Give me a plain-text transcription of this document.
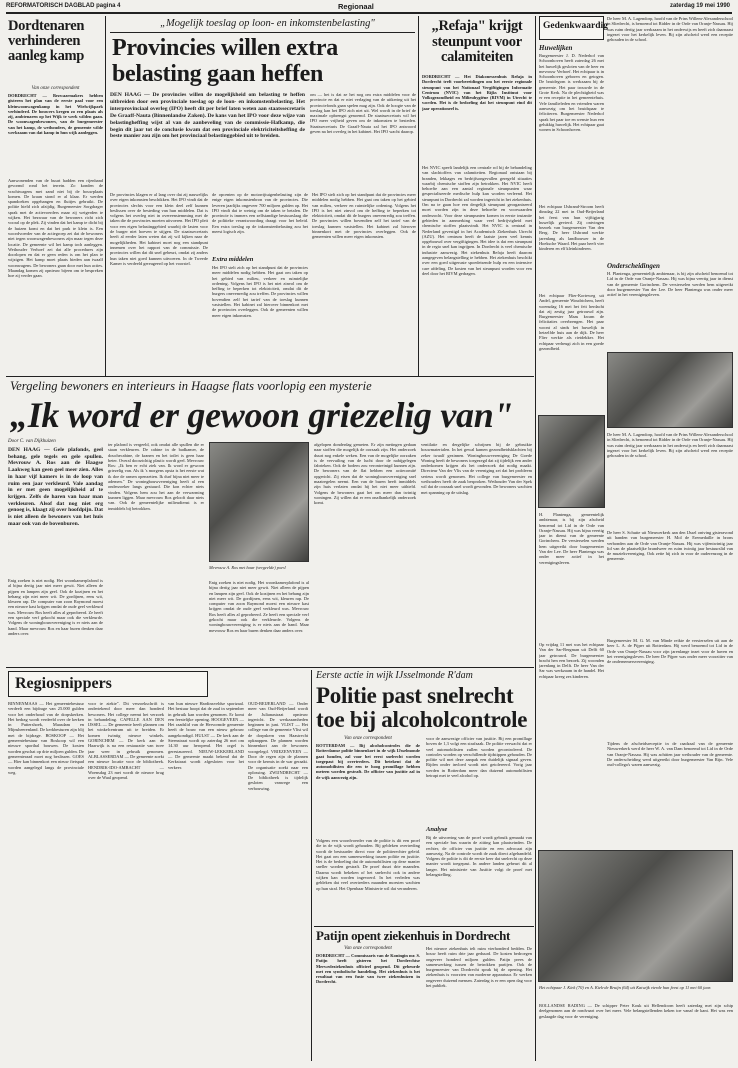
REFORMATORISCH DAGBLAD pagina 4	Regionaal	zaterdag 19 mei 1990
Dordtenaren verhinderen aanleg kamp
Van onze correspondent
DORDRECHT — Bezwaarmakers hebben gisteren het plan van de eerste paal voor een kleinwoonwagenkamp in het Wielwijkpark verhinderd. De bouwers kregen zo een plaats als zij, ambtenaren op het Wijk te werk wilden gaan. De woonwagenbewoners, van de burgemeester van het kamp, de wethouders, de gemeente wilde werkzaam van dat kamp in hun wijk aanleggen.
Aanwonenden van de buurt hadden een rijenband gevormd rond het terrein. Zo konden de vrachtwagens met zand niet bij de bouwplaats komen. De kraan stond er al klaar. Er werden spandoeken opgehangen en fluitjes gebruikt. De politie hield zich afzijdig. Burgemeester Sorgdrager sprak met de actievoerders maar zij weigerden te wijken. Het bezwaar van de bewoners richt zich vooral op de plek. Zij vinden dat het kamp te dicht bij de huizen komt en dat het park te klein is. Een woordvoerder van de actiegroep zei dat de bewoners niet tegen woonwagenbewoners zijn maar tegen deze locatie. De gemeente wil het kamp toch aanleggen. Wethouder Verhoef zei dat alle procedures zijn doorlopen en dat er geen reden is om het plan te wijzigen. Het kamp moet plaats bieden aan twaalf woonwagens. De bewoners gaan door met hun acties. Maandag komen zij opnieuw bijeen om te bespreken hoe zij verder gaan.
„Mogelijk toeslag op loon- en inkomstenbelasting"
Provincies willen extra belasting gaan heffen
DEN HAAG — De provincies willen de mogelijkheid om belasting te heffen uitbreiden door een provinciale toeslag op de loon- en inkomstenbelasting. Het interprovinciaal overleg (IPO) heeft dit per brief laten weten aan staatssecretaris De Graaff-Nauta (Binnenlandse Zaken). De kans van het IPO voor deze wijze van belastingheffing wijst al van de aanbeveling van de commissie-Hafkamp, die begin dit jaar tot de conclusie kwam dat een provinciale elektriciteitsheffing de beste manier zou zijn om het provinciaal belastinggebied uit te breiden.
om — het is dat ze het nog om extra middelen voor de provincie en dat er niet verlaging van de uitkering uit het provinciefonds gaan spelen mag zijn. Ook de hoogte van de toeslag kan het IPO zich niet uit. Wel wordt in de brief de maximale opbrengst genoemd. De staatssecretaris wil het IPO meer vrijheid geven om de inkomsten te besteden. Staatssecretaris De Graaff-Nauta zal het IPO antwoord geven na het overleg in het kabinet. Het IPO wacht daarop.
De provincies klagen er al lang over dat zij nauwelijks over eigen inkomsten beschikken. Het IPO vindt dat de provincies slechts voor een klein deel zelf kunnen beslissen over de besteding van hun middelen. Dat is volgens het overleg niet in overeenstemming met de taken die de provincies moeten uitvoeren. Het IPO pleit voor een eigen belastinggebied waarbij de lasten voor de burger niet hoeven te stijgen. De staatssecretaris heeft al eerder laten weten dat zij wil kijken naar de mogelijkheden. Het kabinet moet nog een standpunt innemen over het rapport van de commissie. De provincies willen dat dit snel gebeurt, omdat zij anders hun taken niet goed kunnen uitvoeren. In de Tweede Kamer is verdeeld gereageerd op het voorstel.
de opcenten op de motorrijtuigenbelasting zijn de enige eigen inkomstenbron van de provincies. Die leveren jaarlijks ongeveer 700 miljoen gulden op. Het IPO vindt dat te weinig om de taken te betalen. De provincie is immers een zelfstandige bestuurslaag die de politieke verantwoording draagt voor het beleid. Een extra toeslag op de inkomstenbelasting zou het meest logisch zijn.
Extra middelen
Het IPO stelt zich op het standpunt dat de provincies meer middelen nodig hebben. Het gaat om taken op het gebied van milieu, verkeer en ruimtelijke ordening. Volgens het IPO is het niet zinvol om de heffing te beperken tot elektriciteit, omdat dit de burgers onevenredig zou treffen. De provincies willen bovendien zelf het tarief van de toeslag kunnen vaststellen. Het kabinet zal hierover binnenkort met de provincies overleggen. Ook de gemeenten willen meer eigen inkomsten.
Het IPO stelt zich op het standpunt dat de provincies meer middelen nodig hebben. Het gaat om taken op het gebied van milieu, verkeer en ruimtelijke ordening. Volgens het IPO is het niet zinvol om de heffing te beperken tot elektriciteit, omdat dit de burgers onevenredig zou treffen. De provincies willen bovendien zelf het tarief van de toeslag kunnen vaststellen. Het kabinet zal hierover binnenkort met de provincies overleggen. Ook de gemeenten willen meer eigen inkomsten.
„Refaja" krijgt steunpunt voor calamiteiten
DORDRECHT — Het Diakonessenhuis Refaja in Dordrecht treft voorbereidingen om het eerste regionale steunpunt van het Nationaal Vergiftigingen Informatie Centrum (NVIC) van het Rijks Instituut voor Volksgezondheid en Milieuhygiëne (RIVM) in Utrecht te worden. Het is de bedoeling dat het steunpunt eind dit jaar operationeel is.
Het NVIC speelt landelijk een centrale rol bij de behandeling van slachtoffers van calamiteiten. Regionaal ontstaan bij branden, lekkages en bedrijfsongevallen geregeld situaties waarbij chemische stoffen zijn betrokken. Het NVIC heeft behoefte aan een aantal regionale steunpunten waar gespecialiseerde medische hulp kan worden verleend. Het steunpunt in Dordrecht zal worden ingericht in het ziekenhuis. Om na te gaan hoe een dergelijk steunpunt georganiseerd moet worden zijn in deze behoefte en voorwaarden onderzocht. Voor deze steunpunten komen in eerste instantie gebieden in aanmerking waar veel bedrijvigheid met chemische stoffen plaatsvindt. Het NVIC is centraal in Nederland gevestigd in het Academisch Ziekenhuis Utrecht (AZU). Het centrum heeft de laatste jaren veel kennis opgebouwd over vergiftigingen. Het idee is dat een steunpunt in de regio snel kan ingrijpen. In Dordrecht is veel chemische industrie aanwezig. Het ziekenhuis Refaja heeft daarom aangegeven belangstelling te hebben. Het ziekenhuis beschikt over een goed uitgeruste spoedeisende hulp en een intensive care afdeling. De kosten van het steunpunt worden voor een deel door het RIVM gedragen.
Gedenkwaardig
Huwelijken
Burgemeester J. D. Nederhof van Schoonhoven heeft zaterdag 26 mei het huwelijk gesloten van de heer en mevrouw Verhoef. Het echtpaar is in Schoonhoven geboren en getogen. De bruidegom is werkzaam bij de gemeente. Het paar trouwde in de Grote Kerk. Na de plechtigheid was er een receptie in het gemeentehuis. Vele familieleden en vrienden waren aanwezig om het bruidspaar te feliciteren. Burgemeester Nederhof sprak het paar toe en wenste hun een gelukkig huwelijk. Het echtpaar gaat wonen in Schoonhoven.
Het echtpaar IJsbrand-Stroom heeft dinsdag 22 mei in Oud-Beijerland het feest van hun vijftigjarig huwelijk gevierd. Zij ontvingen bezoek van burgemeester Van den Berg. De heer IJsbrand werkte jarenlang als landbouwer in de Hoeksche Waard. Het paar heeft vier kinderen en elf kleinkinderen.
Het echtpaar Flier-Korteweg uit Andel, gemeente Woudrichem, heeft woensdag 16 mei het feit herdacht dat zij zestig jaar getrouwd zijn. Burgemeester Maas kwam de felicitaties overbrengen. Het paar woont al sinds het huwelijk in hetzelfde huis aan de dijk. De heer Flier werkte als rietdekker. Het echtpaar verheugt zich in een goede gezondheid.
H. Plantenga, gemeentelijk ambtenaar, is bij zijn afscheid benoemd tot Lid in de Orde van Oranje-Nassau. Hij was bijna veertig jaar in dienst van de gemeente Gorinchem. De versierselen werden hem uitgereikt door burgemeester Van der Lee. De heer Plantenga was onder meer actief in het verenigingsleven.
Op vrijdag 11 mei was het echtpaar Van der Sar-Bergman uit Delft 60 jaar getrouwd. De burgemeester bracht hen een bezoek. Zij woonden jarenlang in Delft. De heer Van der Sar was werkzaam in de handel. Het echtpaar kreeg zes kinderen.
Het echtpaar J. Kiek (70) en A. Kiek-de Bruijn (64) uit Katwijk vierde hun feest op 11 mei 60 jaar.
BOLLANDSE RADING — De schipper Peter Kouk uit Hellendoorn heeft zaterdag met zijn schip deelgenomen aan de rondvaart over het meer. Vele belangstellenden keken toe vanaf de kant. Het was een geslaagde dag voor de vereniging.
De heer M. A. Lagendorp, hoofd van de Prins Willem-Alexanderschool in Sliedrecht, is benoemd tot Ridder in de Orde van Oranje-Nassau. Hij was ruim dertig jaar werkzaam in het onderwijs en heeft zich daarnaast ingezet voor het kerkelijk leven. Bij zijn afscheid werd een receptie gehouden in de school.
Onderscheidingen
H. Plantenga, gemeentelijk ambtenaar, is bij zijn afscheid benoemd tot Lid in de Orde van Oranje-Nassau. Hij was bijna veertig jaar in dienst van de gemeente Gorinchem. De versierselen werden hem uitgereikt door burgemeester Van der Lee. De heer Plantenga was onder meer actief in het verenigingsleven.
De heer M. A. Lagendorp, hoofd van de Prins Willem-Alexanderschool in Sliedrecht, is benoemd tot Ridder in de Orde van Oranje-Nassau. Hij was ruim dertig jaar werkzaam in het onderwijs en heeft zich daarnaast ingezet voor het kerkelijk leven. Bij zijn afscheid werd een receptie gehouden in de school.
De heer S. Schutte uit Nieuwerkerk aan den IJssel ontving gisteravond uit handen van burgemeester H. Mol de Eremedaille in brons verbonden aan de Orde van Oranje-Nassau. Hij was vijfentwintig jaar lid van de plaatselijke brandweer en ruim twintig jaar bestuurslid van de muziekvereniging. Ook zette hij zich in voor de ouderenzorg in de gemeente.
Burgemeester M. G. M. van Minde reikte de versierselen uit aan de heer L. A. de Pijper uit Rotterdam. Hij werd benoemd tot Lid in de Orde van Oranje-Nassau voor zijn jarenlange inzet voor de haven en het verenigingsleven. De heer De Pijper was onder meer voorzitter van de ondernemersvereniging.
Tijdens de afscheidsreceptie in de raadzaal van de gemeente Nieuwerkerk werd de heer W. A. van Dam benoemd tot Lid in de Orde van Oranje-Nassau. Hij was achttien jaar wethouder van de gemeente. De onderscheiding werd uitgereikt door burgemeester Van Rijn. Vele oud-collega's waren aanwezig.
Vergeling bewoners en interieurs in Haagse flats voorlopig een mysterie
„Ik word er gewoon griezelig van"
Door C. van Dijkhuizen
DEN HAAG — Gele plafonds, geel behang, gele tegels en gele spullen. Mevrouw A. Ros aan de Haagse Laakweg kan geen geel meer zien. Alles in haar vijf kamers is in de loop van ruim een jaar verkleurd. Vale aandag in er met geen mogelijkheid af te krijgen. Zelfs de haren van haar man verkleuren. Alsof dat nog niet erg genoeg is, klaagt zij over hoofdpijn. Dat is niet alleen de bewoners van het huis maar ook van de bovenburen.
Enig zoeken is niet nodig. Het woonkamerplafond is al bijna dertig jaar niet meer gewit. Niet alleen de pijpen en lampen zijn geel. Ook de kozijnen en het behang zijn niet meer wit. De gordijnen, eens wit, kleuren rap. De computer van zoon Raymond moest een nieuwe kast krijgen omdat de oude geel verkleurd was. Mevrouw Ros heeft alles al geprobeerd. Ze heeft een speciale verf gekocht maar ook die verkleurde. Volgens de woningbouwvereniging is er niets aan de hand. Maar mevrouw Ros en haar buren denken daar anders over.
ter plafond is vergeeld, ook omdat alle spullen die er staan verkleuren. De cabine in de badkamer, de douchecabine, de kranen en het toilet is geen haar beter. Overal doorzichtig plastic wordt geel. Mevrouw Ros: „Ik ben er echt ziek van. Ik word er gewoon griezelig van. Als ik 's morgens opsta is het eerste wat ik doe de ramen openzetten. Ik durf bijna niet meer te ademen." De woningbouwvereniging heeft al een onderzoeker langs gestuurd. Die kon echter niets vinden. Volgens hem zou het aan de verwarming kunnen liggen. Maar mevrouw Ros gelooft daar niets van. Ook de gemeentelijke milieudienst is er inmiddels bij betrokken.
Mevrouw A. Ros met haar (vergeelde) poes!
Enig zoeken is niet nodig. Het woonkamerplafond is al bijna dertig jaar niet meer gewit. Niet alleen de pijpen en lampen zijn geel. Ook de kozijnen en het behang zijn niet meer wit. De gordijnen, eens wit, kleuren rap. De computer van zoon Raymond moest een nieuwe kast krijgen omdat de oude geel verkleurd was. Mevrouw Ros heeft alles al geprobeerd. Ze heeft een speciale verf gekocht maar ook die verkleurde. Volgens de woningbouwvereniging is er niets aan de hand. Maar mevrouw Ros en haar buren denken daar anders over.
afgelopen donderdag gemeten. Er zijn metingen gedaan naar stoffen die mogelijk de oorzaak zijn. Het onderzoek duurt nog enkele weken. Een van de mogelijke oorzaken is de vervuiling van de lucht door de nabijgelegen fabrieken. Ook de bodem zou verontreinigd kunnen zijn. De bewoners van de flat hebben een actiecomité opgericht. Zij eisen dat de woningbouwvereniging snel maatregelen neemt. Een van de buren heeft inmiddels zijn huis verlaten omdat hij het niet meer uithield. Volgens de bewoners gaat het om meer dan twintig woningen. Zij willen dat er een onafhankelijk onderzoek komt.
ventilatie en dergelijke schrijnen bij de gebruikte bouwmaterialen. In het gewal kamen gezondheidsklachten bij zeker twaalf gezinnen. Woningbouwvereniging De Goede Woning heeft de bewoners toegezegd dat zij tijdelijk een ander onderkomen krijgen als het onderzoek dat nodig maakt. Directeur Van der Vlis van de vereniging zei dat het probleem serieus wordt genomen. Het college van burgemeester en wethouders heeft de zaak besproken. Wethouder Van der Spek wil dat de oorzaak snel wordt gevonden. De bewoners wachten met spanning op de uitslag.
Regiosnippers
BINNENMAAS — Het gemeentebestuur verdeelt een bijdrage van 25.000 gulden voor het onderhoud van de dorpskerken. Het bedrag wordt verdeeld over de kerken in Puttershoek, Maasdam en Mijnsheerenland. De kerkbesturen zijn blij met de bijdrage. BOSKOOP — Het gemeentebestuur van Boskoop wil een nieuwe sporthal bouwen. De kosten worden geschat op drie miljoen gulden. De gemeenteraad moet nog beslissen. GOES — Hier kan binnenkort een nieuw fietspad worden aangelegd langs de provinciale weg.
voor te ziekte". Dit verzoekschrift is ondertekend door meer dan honderd bewoners. Het college neemt het verzoek in behandeling. CAPELLE AAN DEN IJSSEL — De gemeente heeft plannen om het winkelcentrum uit te breiden. Er komen twintig nieuwe winkels. GORINCHEM — De kerk aan de Haarwijk is na een restauratie van twee jaar weer in gebruik genomen. ALBLASSERDAM — De gemeente zoekt een nieuwe locatie voor de bibliotheek. HENDRIK-IDO-AMBACHT — Woensdag 23 mei wordt de nieuwe brug over de Waal geopend.
van hun nieuwe Hardinxveldse sportzaal. Het bestuur hoopt dat de zaal in september in gebruik kan worden genomen. Er komt een feestelijke opening. HOOGEVEEN — Het raadslid van de Hervormde gemeente heeft de bouw van een nieuw gebouw aangekondigd. HULST — De kerk aan de Steenstraat wordt op zaterdag 26 mei om 14.30 uur heropend. Het orgel is gerestaureerd. NIEUW-LEKKERLAND — De gemeente maakt bekend dat de Kerkstraat wordt afgesloten voor het verkeer.
OUD-BEIJERLAND — Onder meer van Oud-Beijerland wordt de Julianastraat opnieuw ingericht. De werkzaamheden beginnen in juni. VLIST — Het college van de gemeente Vlist wil de dorpskern van Haastrecht opknappen. De plannen worden binnenkort aan de bewoners voorgelegd. VRIEZENVEEN — Door de regen zijn de plannen voor de kermis in de war geraakt. De organisatie zoekt naar een oplossing. ZWIJNDRECHT — De bibliotheek is tijdelijk gesloten vanwege een verbouwing.
Eerste actie in wijk IJsselmonde R'dam
Politie past snelrecht toe bij alcoholcontrole
Van onze correspondent
ROTTERDAM — Bij alcoholcontroles die de Rotterdamse politie binnenkort in de wijk IJsselmonde gaat houden, zal voor het eerst snelrecht worden toegepast bij overtreders. Dit betekent dat de automobilisten die een te hoog promillage hebben meteen worden gestraft. De officier van justitie zal in de wijk aanwezig zijn.
Volgens een woordvoerder van de politie is dit een proef die in de wijk wordt gehouden. Bij gebleken overtreding wordt de bestuurder direct voor de politierechter geleid. Het gaat om een samenwerking tussen politie en justitie. Het is de bedoeling dat de automobilisten op deze manier sneller worden gestraft. De proef duurt drie maanden. Daarna wordt bekeken of het snelrecht ook in andere wijken kan worden ingevoerd. In het verleden was gebleken dat veel overtreders maanden moesten wachten op hun straf. Het Openbaar Ministerie wil dat veranderen.
voor de aanwezige officier van justitie. Bij een promillage boven de 1,3 volgt een strafzaak. De politie verwacht dat er veel automobilisten zullen worden gecontroleerd. De controles worden op verschillende tijdstippen gehouden. De politie wil met deze aanpak een duidelijk signaal geven. Rijden onder invloed wordt niet getolereerd. Vorig jaar werden in Rotterdam meer dan duizend automobilisten betrapt met te veel alcohol op.
Analyse
Bij de uitvoering van de proef wordt gebruik gemaakt van een speciale bus waarin de zitting kan plaatsvinden. De rechter, de officier van justitie en een advocaat zijn aanwezig. Na de controle wordt de zaak direct afgehandeld. Volgens de politie is dit de eerste keer dat snelrecht op deze manier wordt toegepast. In andere landen gebeurt dit al langer. Het ministerie van Justitie volgt de proef met belangstelling.
Patijn opent ziekenhuis in Dordrecht
Van onze correspondent
DORDRECHT — Commissaris van de Koningin mr. S. Patijn heeft gisteren het Dordrechtse Merwedeziekenhuis officieel geopend. Dit gebeurde met een symbolische handeling. Het ziekenhuis is het resultaat van een fusie van twee ziekenhuizen in Dordrecht.
Het nieuwe ziekenhuis telt ruim vierhonderd bedden. De bouw heeft ruim drie jaar geduurd. De kosten bedroegen ongeveer honderd miljoen gulden. Patijn prees de samenwerking tussen de betrokken partijen. Ook de burgemeester van Dordrecht sprak bij de opening. Het ziekenhuis is voorzien van moderne apparatuur. Er werken ongeveer duizend mensen. Zaterdag is er een open dag voor het publiek.
